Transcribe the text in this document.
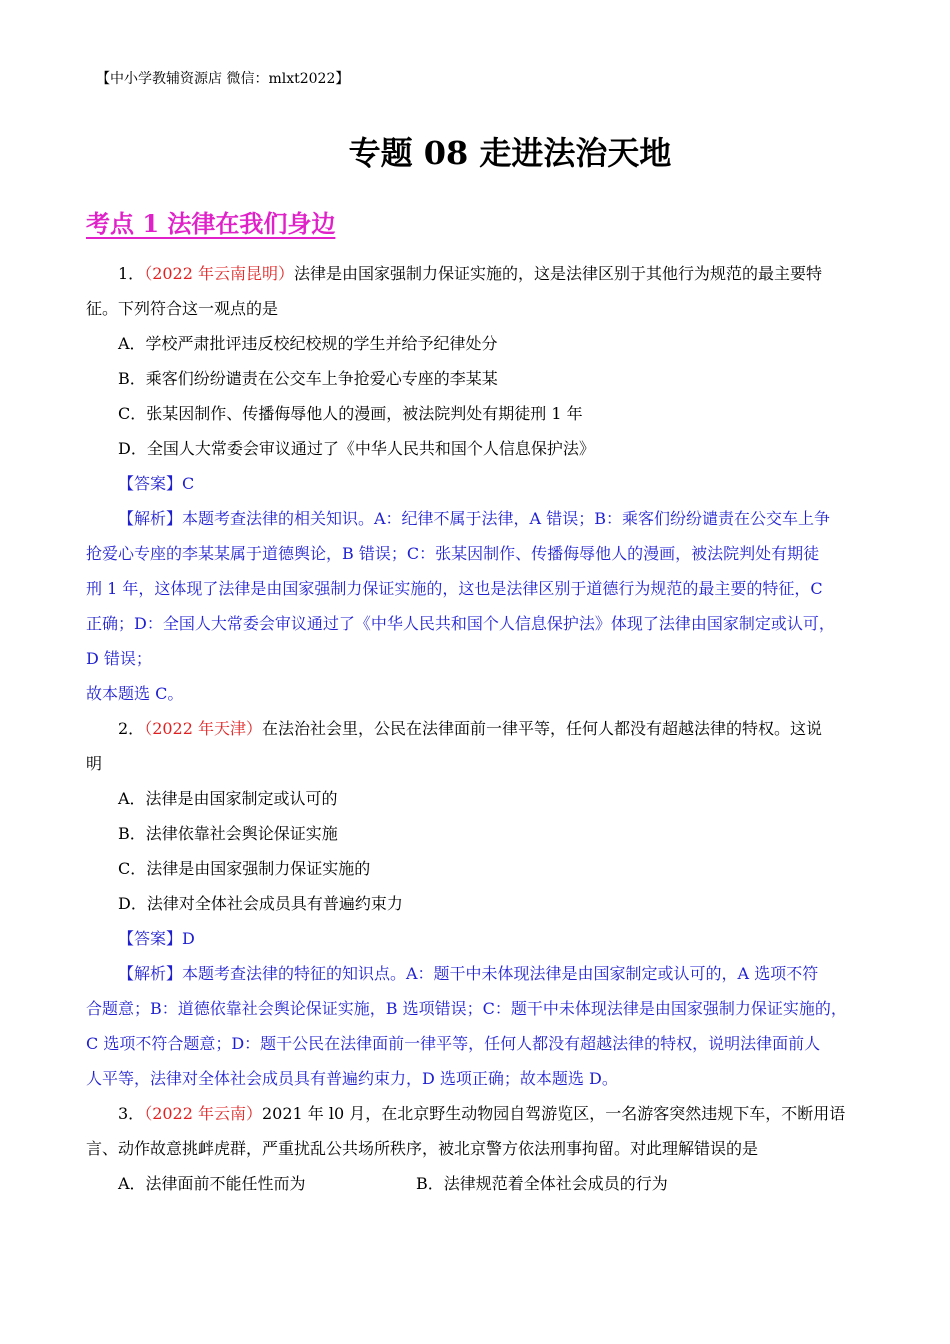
【中小学教辅资源店 微信：mlxt2022】
专题 08 走进法治天地
考点 1 法律在我们身边
1．（2022 年云南昆明）法律是由国家强制力保证实施的，这是法律区别于其他行为规范的最主要特
征。下列符合这一观点的是
A．学校严肃批评违反校纪校规的学生并给予纪律处分
B．乘客们纷纷谴责在公交车上争抢爱心专座的李某某
C．张某因制作、传播侮辱他人的漫画，被法院判处有期徒刑 1 年
D．全国人大常委会审议通过了《中华人民共和国个人信息保护法》
【答案】C
【解析】本题考查法律的相关知识。A：纪律不属于法律，A 错误；B：乘客们纷纷谴责在公交车上争
抢爱心专座的李某某属于道德舆论，B 错误；C：张某因制作、传播侮辱他人的漫画，被法院判处有期徒
刑 1 年，这体现了法律是由国家强制力保证实施的，这也是法律区别于道德行为规范的最主要的特征，C
正确；D：全国人大常委会审议通过了《中华人民共和国个人信息保护法》体现了法律由国家制定或认可，
D 错误；
故本题选 C。
2．（2022 年天津）在法治社会里，公民在法律面前一律平等，任何人都没有超越法律的特权。这说
明
A．法律是由国家制定或认可的
B．法律依靠社会舆论保证实施
C．法律是由国家强制力保证实施的
D．法律对全体社会成员具有普遍约束力
【答案】D
【解析】本题考查法律的特征的知识点。A：题干中未体现法律是由国家制定或认可的，A 选项不符
合题意；B：道德依靠社会舆论保证实施，B 选项错误；C：题干中未体现法律是由国家强制力保证实施的，
C 选项不符合题意；D：题干公民在法律面前一律平等，任何人都没有超越法律的特权，说明法律面前人
人平等，法律对全体社会成员具有普遍约束力，D 选项正确；故本题选 D。
3．（2022 年云南）2021 年 l0 月，在北京野生动物园自驾游览区，一名游客突然违规下车，不断用语
言、动作故意挑衅虎群，严重扰乱公共场所秩序，被北京警方依法刑事拘留。对此理解错误的是
A．法律面前不能任性而为	B．法律规范着全体社会成员的行为
